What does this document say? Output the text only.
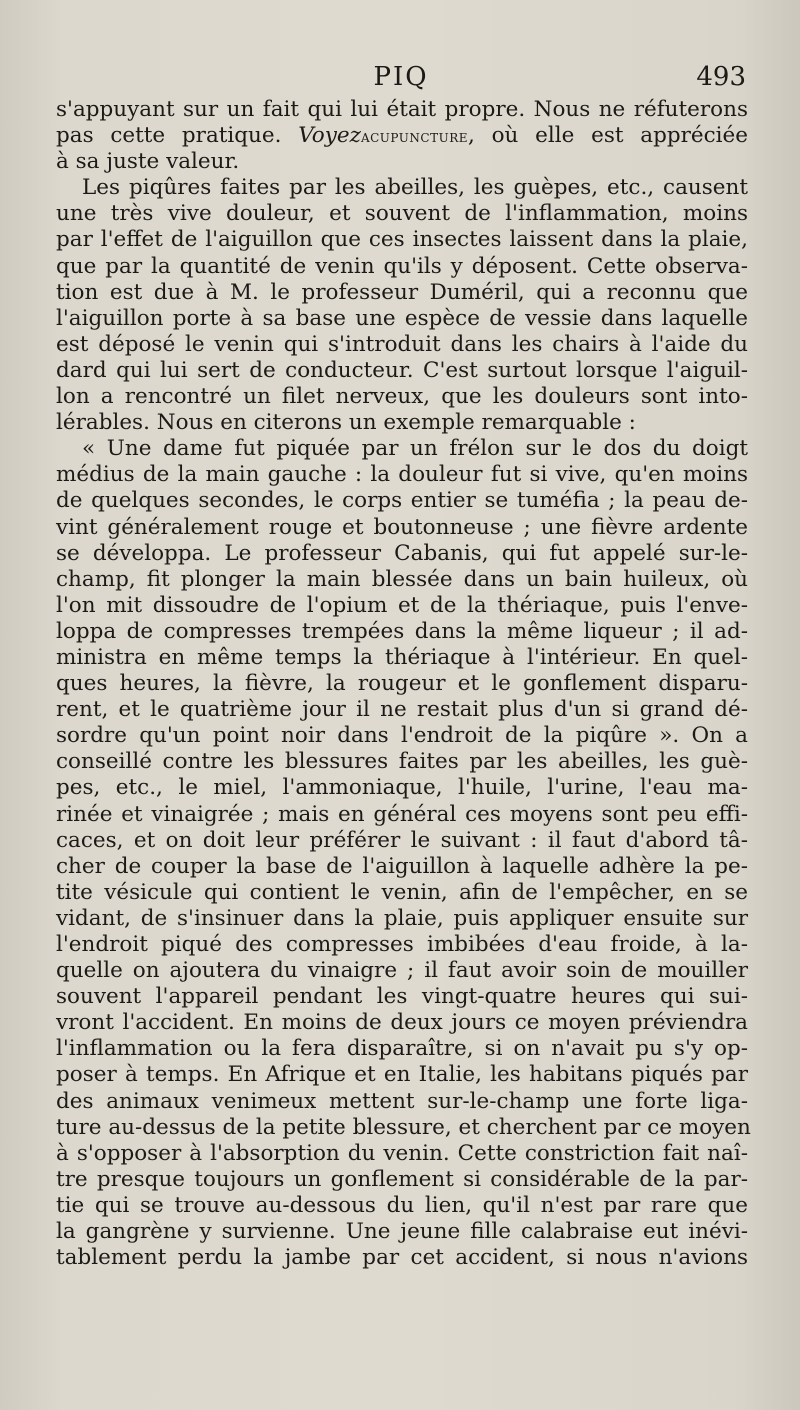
PIQ	493
s'appuyant sur un fait qui lui était propre. Nous ne réfuterons
pas cette pratique. Voyezacupuncture, où elle est appréciée
à sa juste valeur.
Les piqûres faites par les abeilles, les guèpes, etc., causent
une très vive douleur, et souvent de l'inflammation, moins
par l'effet de l'aiguillon que ces insectes laissent dans la plaie,
que par la quantité de venin qu'ils y déposent. Cette observa-
tion est due à M. le professeur Duméril, qui a reconnu que
l'aiguillon porte à sa base une espèce de vessie dans laquelle
est déposé le venin qui s'introduit dans les chairs à l'aide du
dard qui lui sert de conducteur. C'est surtout lorsque l'aiguil-
lon a rencontré un filet nerveux, que les douleurs sont into-
lérables. Nous en citerons un exemple remarquable :
« Une dame fut piquée par un frélon sur le dos du doigt
médius de la main gauche : la douleur fut si vive, qu'en moins
de quelques secondes, le corps entier se tuméfia ; la peau de-
vint généralement rouge et boutonneuse ; une fièvre ardente
se développa. Le professeur Cabanis, qui fut appelé sur-le-
champ, fit plonger la main blessée dans un bain huileux, où
l'on mit dissoudre de l'opium et de la thériaque, puis l'enve-
loppa de compresses trempées dans la même liqueur ; il ad-
ministra en même temps la thériaque à l'intérieur. En quel-
ques heures, la fièvre, la rougeur et le gonflement disparu-
rent, et le quatrième jour il ne restait plus d'un si grand dé-
sordre qu'un point noir dans l'endroit de la piqûre ». On a
conseillé contre les blessures faites par les abeilles, les guè-
pes, etc., le miel, l'ammoniaque, l'huile, l'urine, l'eau ma-
rinée et vinaigrée ; mais en général ces moyens sont peu effi-
caces, et on doit leur préférer le suivant : il faut d'abord tâ-
cher de couper la base de l'aiguillon à laquelle adhère la pe-
tite vésicule qui contient le venin, afin de l'empêcher, en se
vidant, de s'insinuer dans la plaie, puis appliquer ensuite sur
l'endroit piqué des compresses imbibées d'eau froide, à la-
quelle on ajoutera du vinaigre ; il faut avoir soin de mouiller
souvent l'appareil pendant les vingt-quatre heures qui sui-
vront l'accident. En moins de deux jours ce moyen préviendra
l'inflammation ou la fera disparaître, si on n'avait pu s'y op-
poser à temps. En Afrique et en Italie, les habitans piqués par
des animaux venimeux mettent sur-le-champ une forte liga-
ture au-dessus de la petite blessure, et cherchent par ce moyen
à s'opposer à l'absorption du venin. Cette constriction fait naî-
tre presque toujours un gonflement si considérable de la par-
tie qui se trouve au-dessous du lien, qu'il n'est par rare que
la gangrène y survienne. Une jeune fille calabraise eut inévi-
tablement perdu la jambe par cet accident, si nous n'avions
